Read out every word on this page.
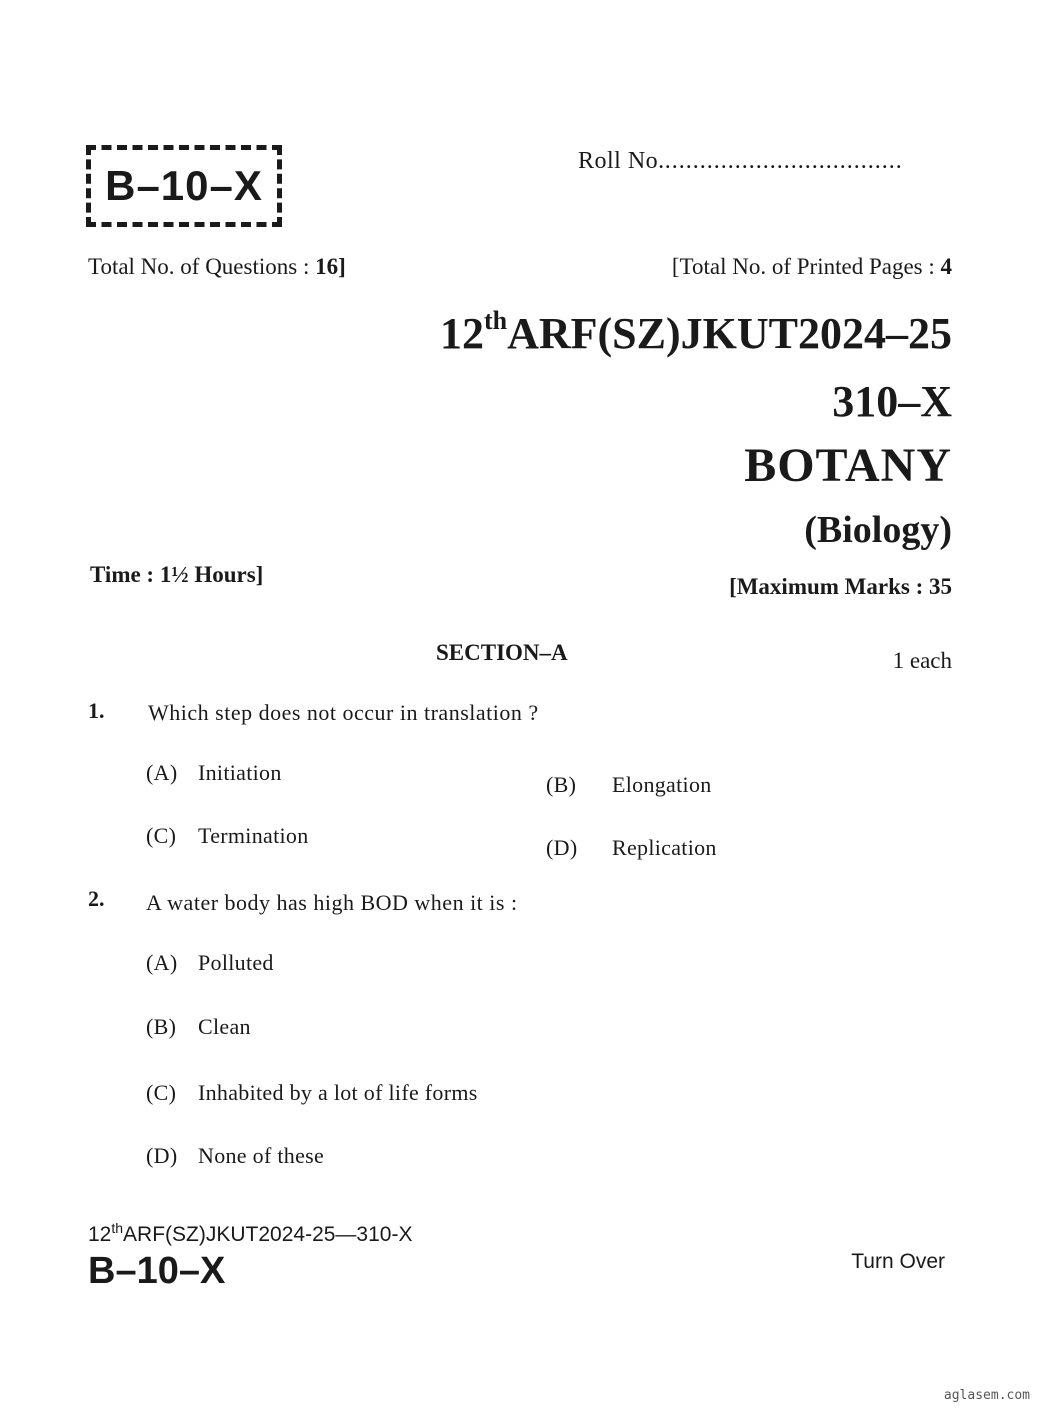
B–10–X
Roll No...................................
Total No. of Questions : 16]	[Total No. of Printed Pages : 4
12thARF(SZ)JKUT2024–25
310–X
BOTANY
(Biology)
Time : 1½ Hours]	[Maximum Marks : 35
SECTION–A	1 each
1. Which step does not occur in translation ?
(A) Initiation	(B) Elongation
(C) Termination	(D) Replication
2. A water body has high BOD when it is :
(A) Polluted
(B) Clean
(C) Inhabited by a lot of life forms
(D) None of these
12thARF(SZ)JKUT2024-25—310-X
B–10–X	Turn Over
aglasem.com
